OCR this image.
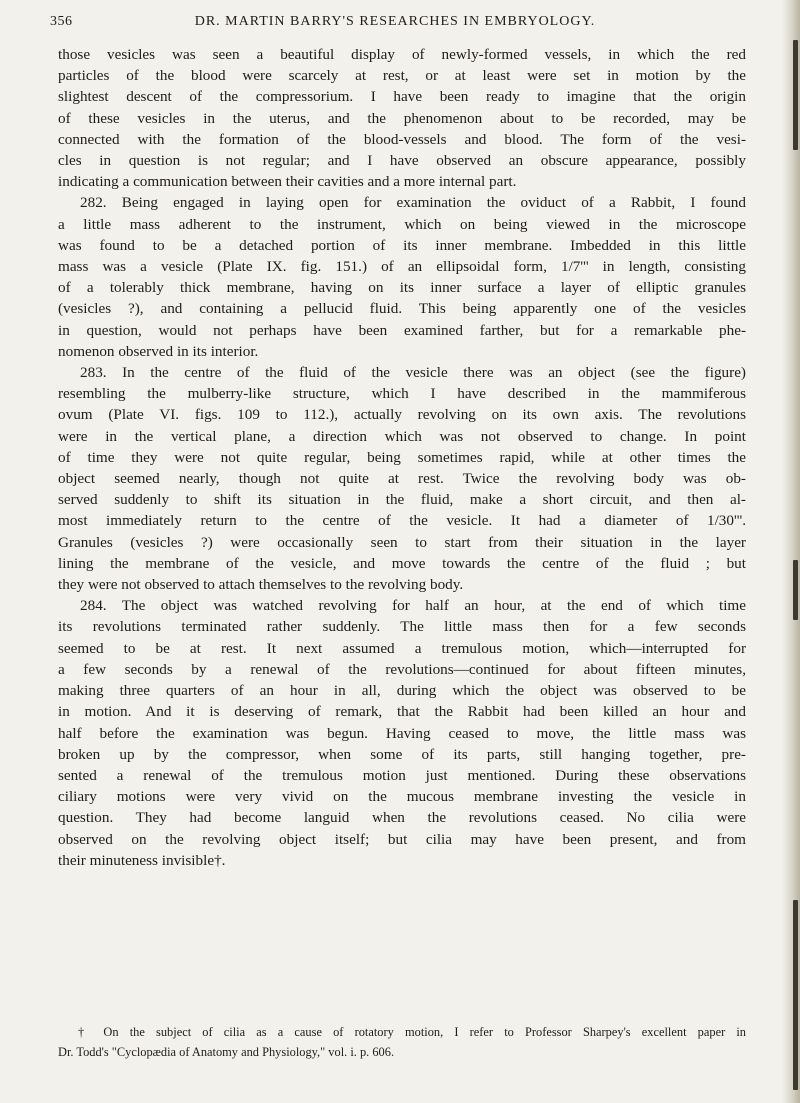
356	DR. MARTIN BARRY'S RESEARCHES IN EMBRYOLOGY.
those vesicles was seen a beautiful display of newly-formed vessels, in which the red
particles of the blood were scarcely at rest, or at least were set in motion by the
slightest descent of the compressorium. I have been ready to imagine that the origin
of these vesicles in the uterus, and the phenomenon about to be recorded, may be
connected with the formation of the blood-vessels and blood. The form of the vesi-
cles in question is not regular; and I have observed an obscure appearance, possibly
indicating a communication between their cavities and a more internal part.
282. Being engaged in laying open for examination the oviduct of a Rabbit, I found
a little mass adherent to the instrument, which on being viewed in the microscope
was found to be a detached portion of its inner membrane. Imbedded in this little
mass was a vesicle (Plate IX. fig. 151.) of an ellipsoidal form, 1/7''' in length, consisting
of a tolerably thick membrane, having on its inner surface a layer of elliptic granules
(vesicles ?), and containing a pellucid fluid. This being apparently one of the vesicles
in question, would not perhaps have been examined farther, but for a remarkable phe-
nomenon observed in its interior.
283. In the centre of the fluid of the vesicle there was an object (see the figure)
resembling the mulberry-like structure, which I have described in the mammiferous
ovum (Plate VI. figs. 109 to 112.), actually revolving on its own axis. The revolutions
were in the vertical plane, a direction which was not observed to change. In point
of time they were not quite regular, being sometimes rapid, while at other times the
object seemed nearly, though not quite at rest. Twice the revolving body was ob-
served suddenly to shift its situation in the fluid, make a short circuit, and then al-
most immediately return to the centre of the vesicle. It had a diameter of 1/30'''.
Granules (vesicles ?) were occasionally seen to start from their situation in the layer
lining the membrane of the vesicle, and move towards the centre of the fluid ; but
they were not observed to attach themselves to the revolving body.
284. The object was watched revolving for half an hour, at the end of which time
its revolutions terminated rather suddenly. The little mass then for a few seconds
seemed to be at rest. It next assumed a tremulous motion, which—interrupted for
a few seconds by a renewal of the revolutions—continued for about fifteen minutes,
making three quarters of an hour in all, during which the object was observed to be
in motion. And it is deserving of remark, that the Rabbit had been killed an hour and
half before the examination was begun. Having ceased to move, the little mass was
broken up by the compressor, when some of its parts, still hanging together, pre-
sented a renewal of the tremulous motion just mentioned. During these observations
ciliary motions were very vivid on the mucous membrane investing the vesicle in
question. They had become languid when the revolutions ceased. No cilia were
observed on the revolving object itself; but cilia may have been present, and from
their minuteness invisible†.
† On the subject of cilia as a cause of rotatory motion, I refer to Professor Sharpey's excellent paper in
Dr. Todd's "Cyclopædia of Anatomy and Physiology," vol. i. p. 606.
